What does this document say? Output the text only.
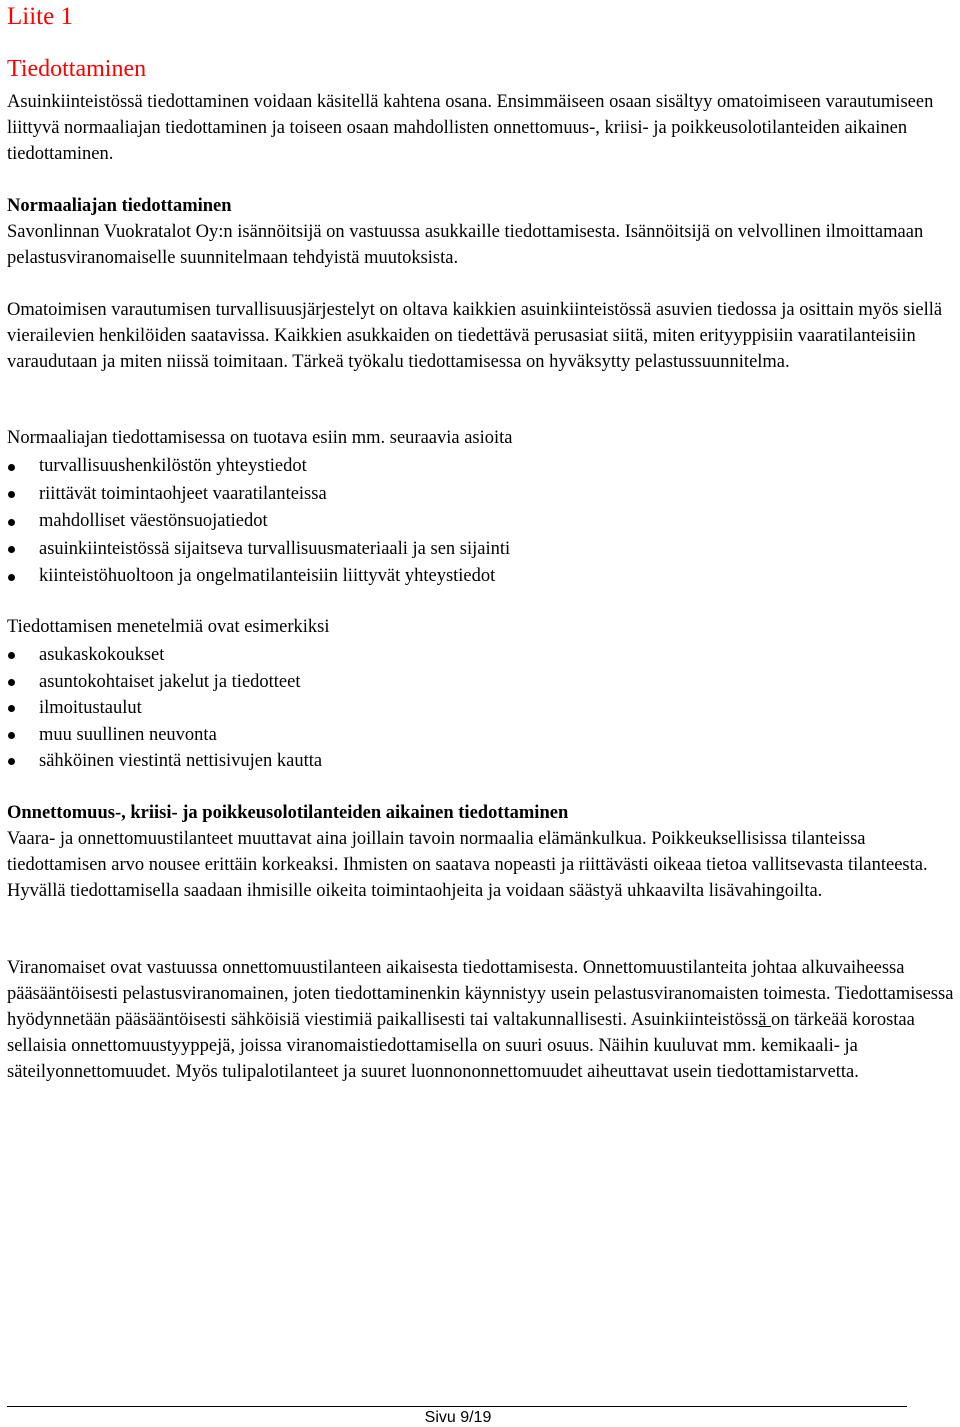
Liite 1
Tiedottaminen

Asuinkiinteistössä tiedottaminen voidaan käsitellä kahtena osana. Ensimmäiseen osaan sisältyy omatoimiseen varautumiseen liittyvä normaaliajan tiedottaminen ja toiseen osaan mahdollisten onnettomuus-, kriisi- ja poikkeusolotilanteiden aikainen tiedottaminen.

Normaaliajan tiedottaminen

Savonlinnan Vuokratalot Oy:n isännöitsijä on vastuussa asukkaille tiedottamisesta. Isännöitsijä on velvollinen ilmoittamaan pelastusviranomaiselle suunnitelmaan tehdyistä muutoksista.

Omatoimisen varautumisen turvallisuusjärjestelyt on oltava kaikkien asuinkiinteistössä asuvien tiedossa ja osittain myös siellä vierailevien henkilöiden saatavissa. Kaikkien asukkaiden on tiedettävä perusasiat siitä, miten erityyppisiin vaaratilanteisiin varaudutaan ja miten niissä toimitaan. Tärkeä työkalu tiedottamisessa on hyväksytty pelastussuunnitelma.

Normaaliajan tiedottamisessa on tuotava esiin mm. seuraavia asioita

turvallisuushenkilöstön yhteystiedot
riittävät toimintaohjeet vaaratilanteissa
mahdolliset väestönsuojatiedot
asuinkiinteistössä sijaitseva turvallisuusmateriaali ja sen sijainti
kiinteistöhuoltoon ja ongelmatilanteisiin liittyvät yhteystiedot

Tiedottamisen menetelmiä ovat esimerkiksi

asukaskokoukset
asuntokohtaiset jakelut ja tiedotteet
ilmoitustaulut
muu suullinen neuvonta
sähköinen viestintä nettisivujen kautta

Onnettomuus-, kriisi- ja poikkeusolotilanteiden aikainen tiedottaminen

Vaara- ja onnettomuustilanteet muuttavat aina joillain tavoin normaalia elämänkulkua. Poikkeuksellisissa tilanteissa tiedottamisen arvo nousee erittäin korkeaksi. Ihmisten on saatava nopeasti ja riittävästi oikeaa tietoa vallitsevasta tilanteesta. Hyvällä tiedottamisella saadaan ihmisille oikeita toimintaohjeita ja voidaan säästyä uhkaavilta lisävahingoilta.

Viranomaiset ovat vastuussa onnettomuustilanteen aikaisesta tiedottamisesta. Onnettomuustilanteita johtaa alkuvaiheessa pääsääntöisesti pelastusviranomainen, joten tiedottaminenkin käynnistyy usein pelastusviranomaisten toimesta. Tiedottamisessa hyödynnetään pääsääntöisesti sähköisiä viestimiä paikallisesti tai valtakunnallisesti. Asuinkiinteistössä on tärkeää korostaa sellaisia onnettomuustyyppejä, joissa viranomaistiedottamisella on suuri osuus. Näihin kuuluvat mm. kemikaali- ja säteilyonnettomuudet. Myös tulipalotilanteet ja suuret luonnononnettomuudet aiheuttavat usein tiedottamistarvetta.

Sivu 9/19
